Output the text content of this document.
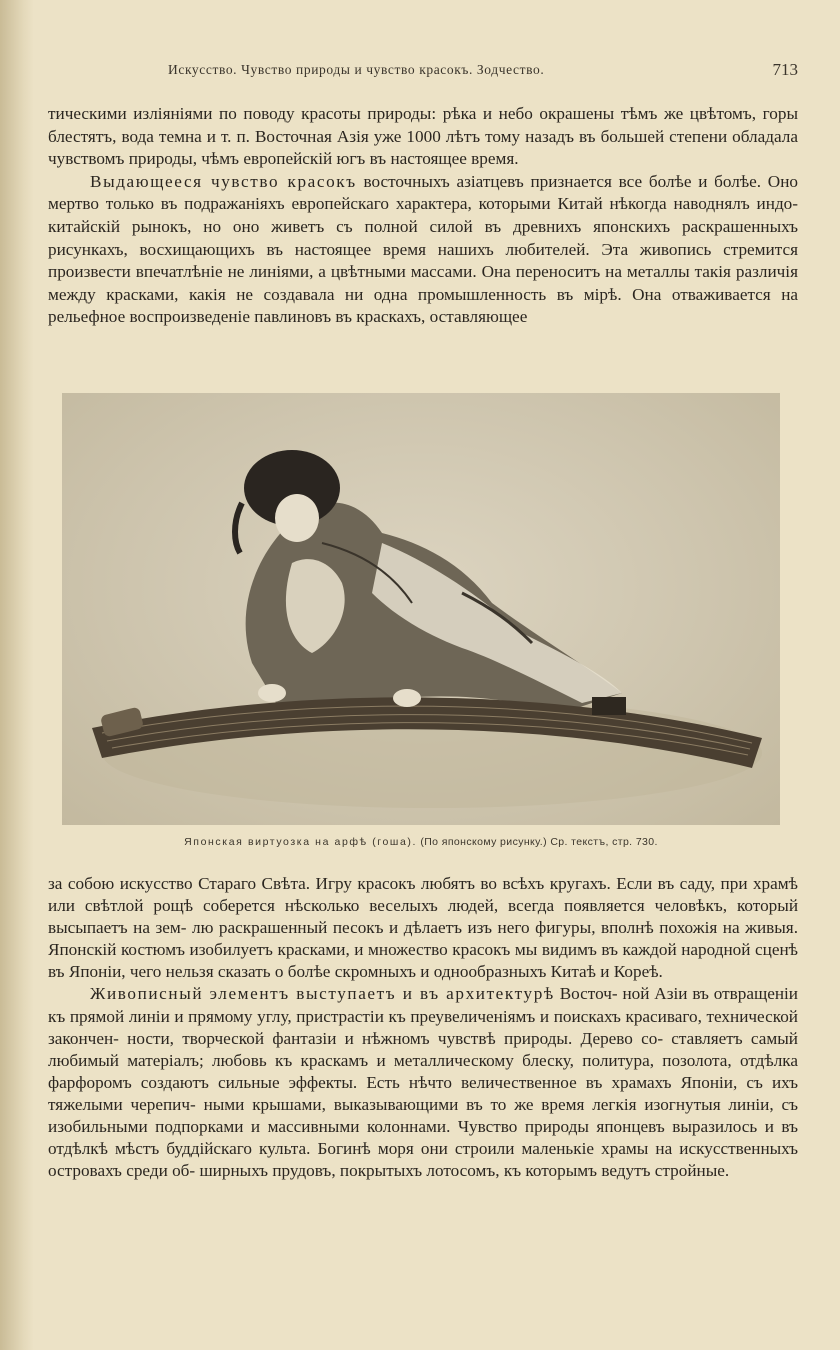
Искусство. Чувство природы и чувство красокъ. Зодчество.	713

тическими излiянiями по поводу красоты природы: рѣка и небо окрашены тѣмъ же цвѣтомъ, горы блестятъ, вода темна и т. п. Восточная Азiя уже 1000 лѣтъ тому назадъ въ большей степени обладала чувствомъ природы, чѣмъ европейскiй югъ въ настоящее время.

Выдающееся чувство красокъ восточныхъ азiатцевъ признается все болѣе и болѣе. Оно мертво только въ подражанiяхъ европейскаго характера, которыми Китай нѣкогда наводнялъ индо-китайскiй рынокъ, но оно живетъ съ полной силой въ древнихъ японскихъ раскрашенныхъ рисункахъ, восхищающихъ въ настоящее время нашихъ любителей. Эта живопись стремится произвести впечатлѣнiе не линiями, а цвѣтными массами. Она переноситъ на металлы такiя различiя между красками, какiя не создавала ни одна промышленность въ мiрѣ. Она отваживается на рельефное воспроизведенiе павлиновъ въ краскахъ, оставляющее

Японская виртуозка на арфѣ (гоша). (По японскому рисунку.) Ср. текстъ, стр. 730.

за собою искусство Стараго Свѣта. Игру красокъ любятъ во всѣхъ кругахъ. Если въ саду, при храмѣ или свѣтлой рощѣ соберется нѣсколько веселыхъ людей, всегда появляется человѣкъ, который высыпаетъ на зем- лю раскрашенный песокъ и дѣлаетъ изъ него фигуры, вполнѣ похожiя на живыя. Японскiй костюмъ изобилуетъ красками, и множество красокъ мы видимъ въ каждой народной сценѣ въ Японiи, чего нельзя сказать о болѣе скромныхъ и однообразныхъ Китаѣ и Кореѣ.

Живописный элементъ выступаетъ и въ архитектурѣ Восточ- ной Азiи въ отвращенiи къ прямой линiи и прямому углу, пристрастiи къ преувеличенiямъ и поискахъ красиваго, технической закончен- ности, творческой фантазiи и нѣжномъ чувствѣ природы. Дерево со- ставляетъ самый любимый матерiалъ; любовь къ краскамъ и металлическому блеску, политура, позолота, отдѣлка фарфоромъ создаютъ сильные эффекты. Есть нѣчто величественное въ храмахъ Японiи, съ ихъ тяжелыми черепич- ными крышами, выказывающими въ то же время легкiя изогнутыя линiи, съ изобильными подпорками и массивными колоннами. Чувство природы японцевъ выразилось и въ отдѣлкѣ мѣстъ буддiйскаго культа. Богинѣ моря они строили маленькiе храмы на искусственныхъ островахъ среди об- ширныхъ прудовъ, покрытыхъ лотосомъ, къ которымъ ведутъ стройные.
